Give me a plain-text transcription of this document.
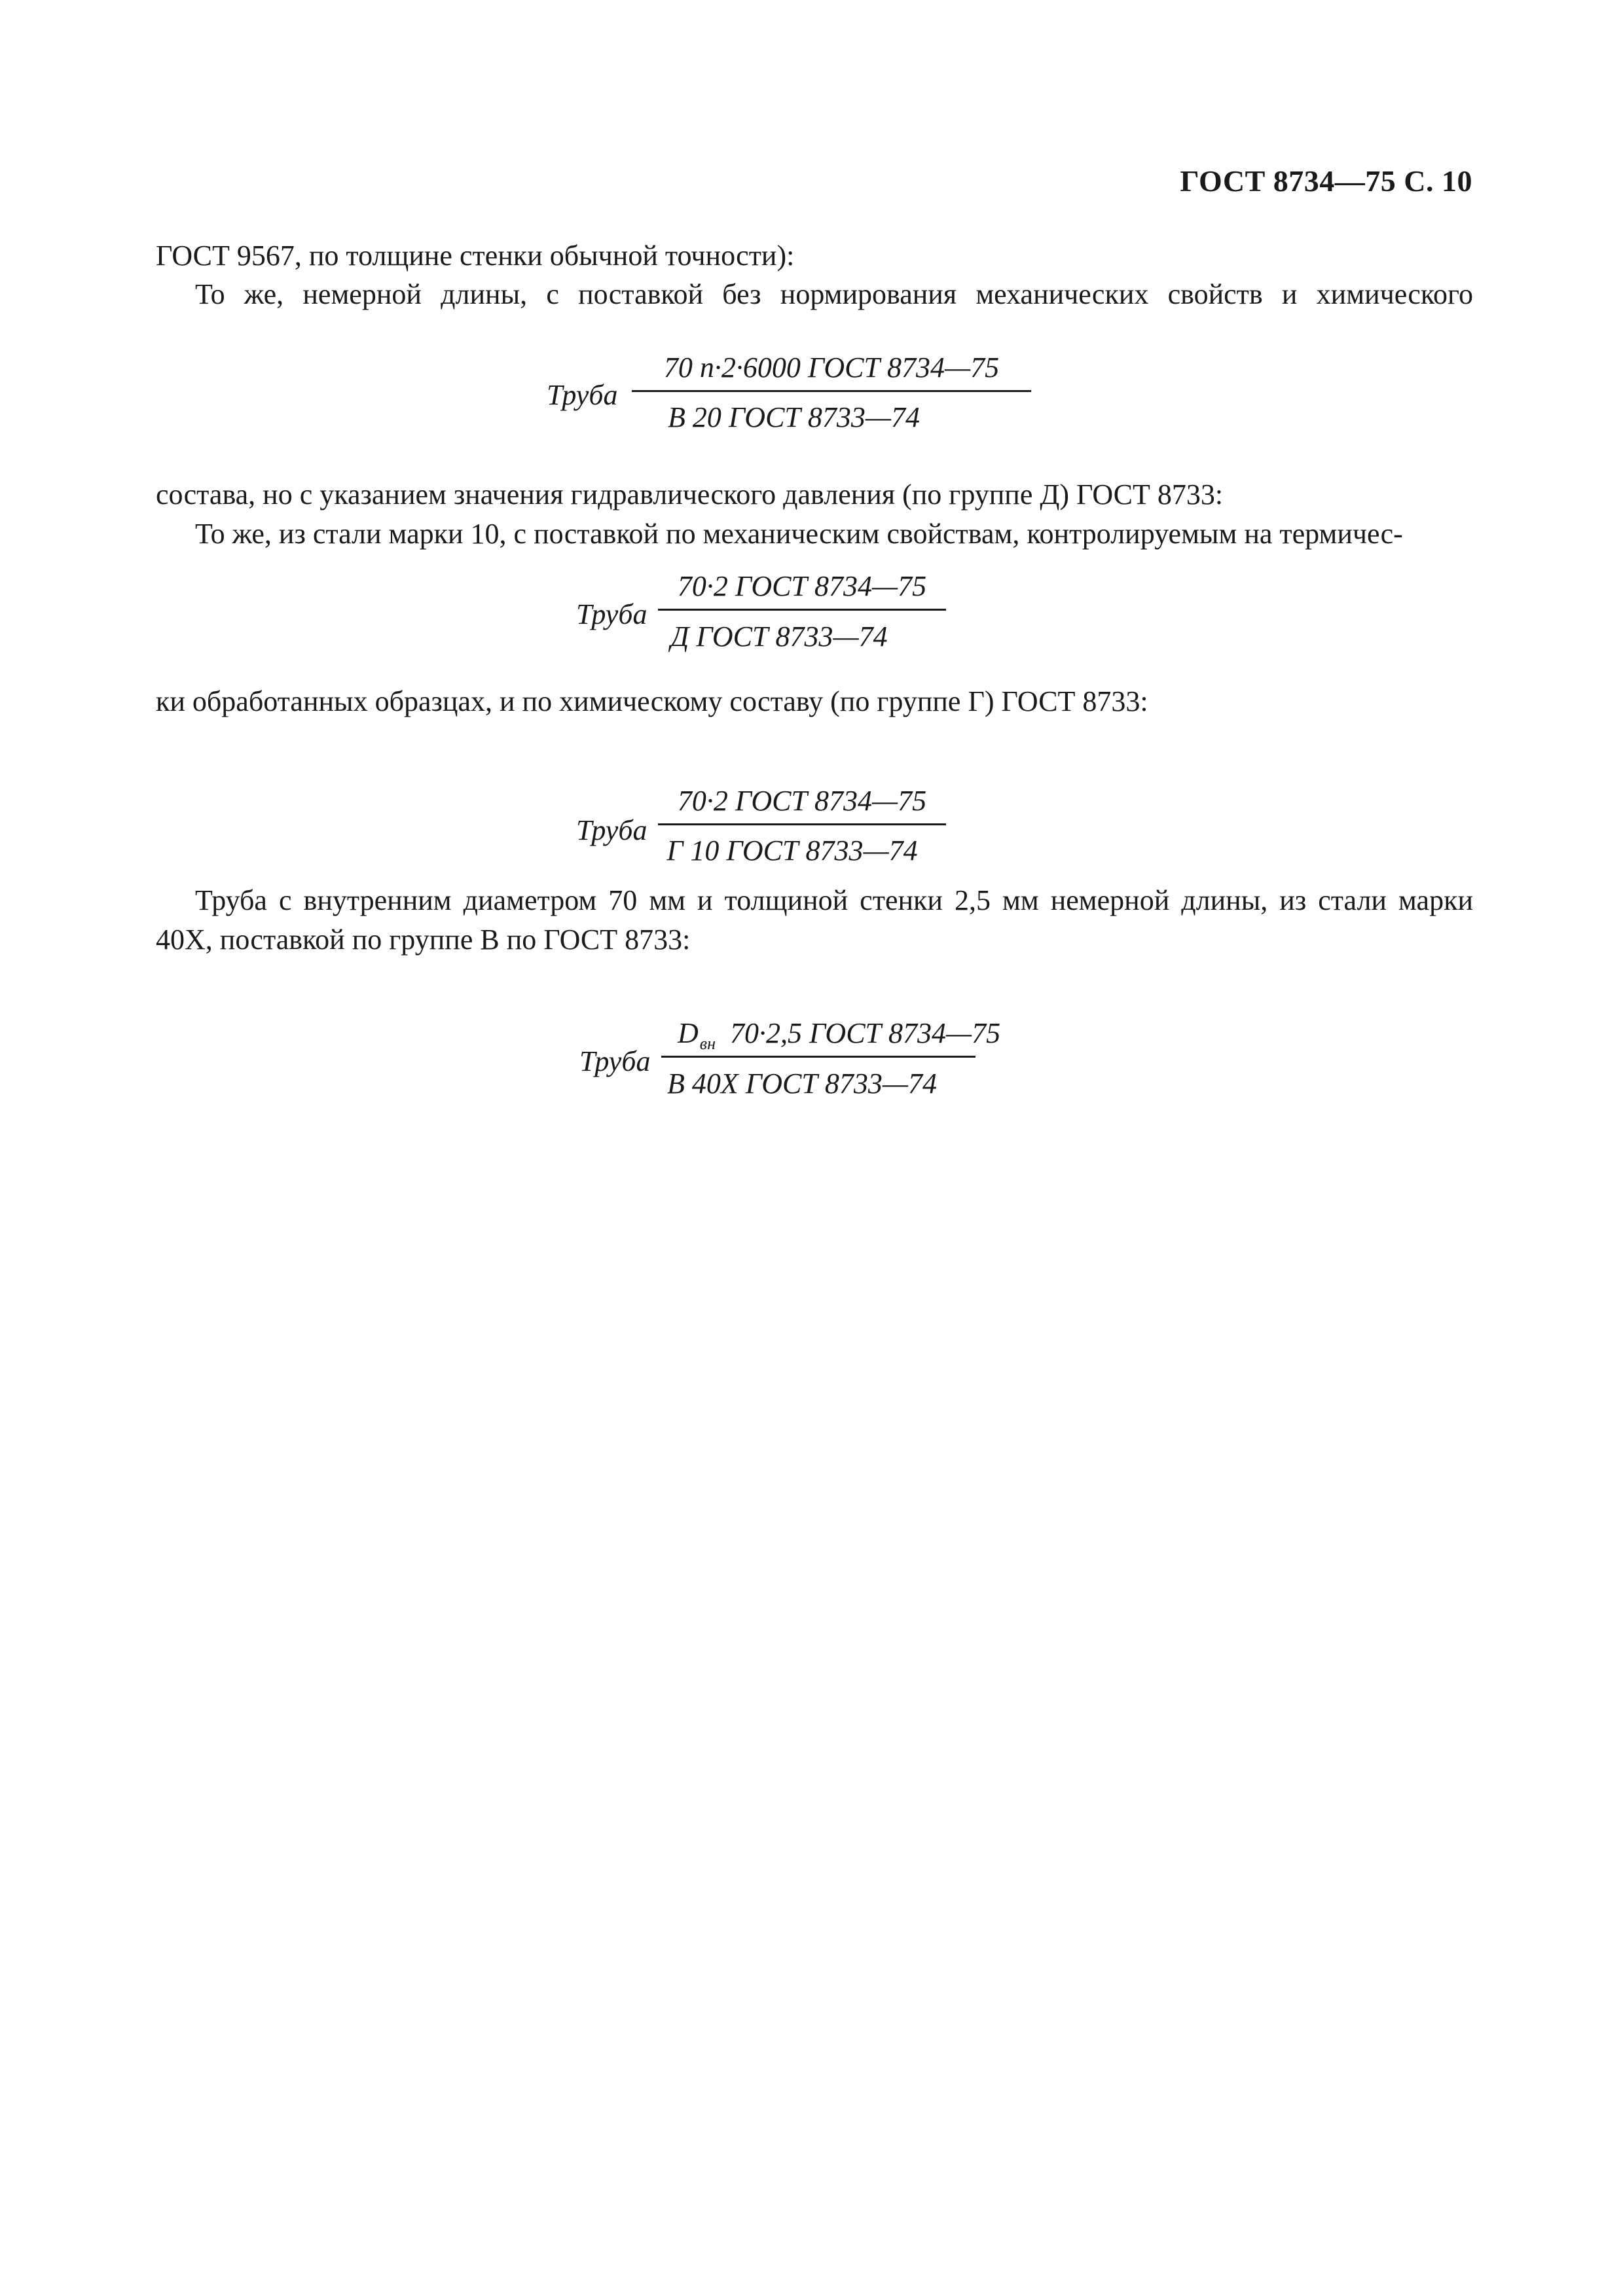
ГОСТ 8734—75 С. 10
ГОСТ 9567, по толщине стенки обычной точности):
То же, немерной длины, с поставкой без нормирования механических свойств и химического
Труба
70 n·2·6000 ГОСТ 8734—75
В 20 ГОСТ 8733—74
состава, но с указанием значения гидравлического давления (по группе Д) ГОСТ 8733:
То же, из стали марки 10, с поставкой по механическим свойствам, контролируемым на термичес-
Труба
70·2 ГОСТ 8734—75
Д ГОСТ 8733—74
ки обработанных образцах, и по химическому составу (по группе Г) ГОСТ 8733:
Труба
70·2 ГОСТ 8734—75
Г 10 ГОСТ 8733—74
Труба с внутренним диаметром 70 мм и толщиной стенки 2,5 мм немерной длины, из стали марки
40Х, поставкой по группе В по ГОСТ 8733:
Труба
$D_{вн}$ 70·2,5 ГОСТ 8734—75
В 40Х ГОСТ 8733—74
